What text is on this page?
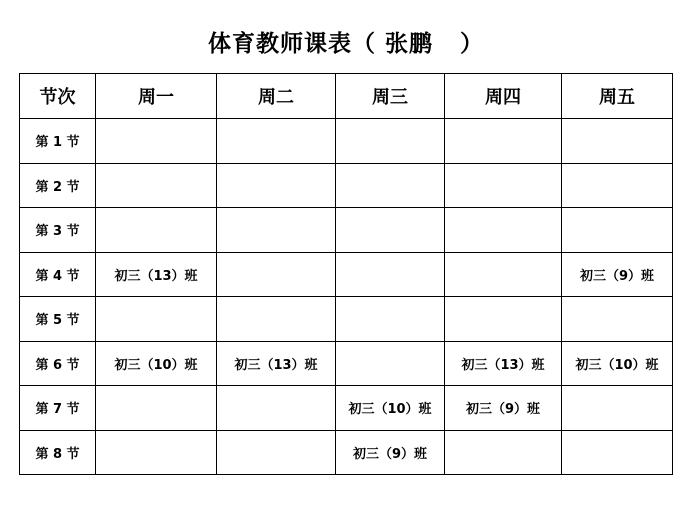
体育教师课表（ 张鹏 ）
节次	周一	周二	周三	周四	周五
第 1 节					
第 2 节					
第 3 节					
第 4 节	初三（13）班				初三（9）班
第 5 节					
第 6 节	初三（10）班	初三（13）班		初三（13）班	初三（10）班
第 7 节			初三（10）班	初三（9）班	
第 8 节			初三（9）班		
